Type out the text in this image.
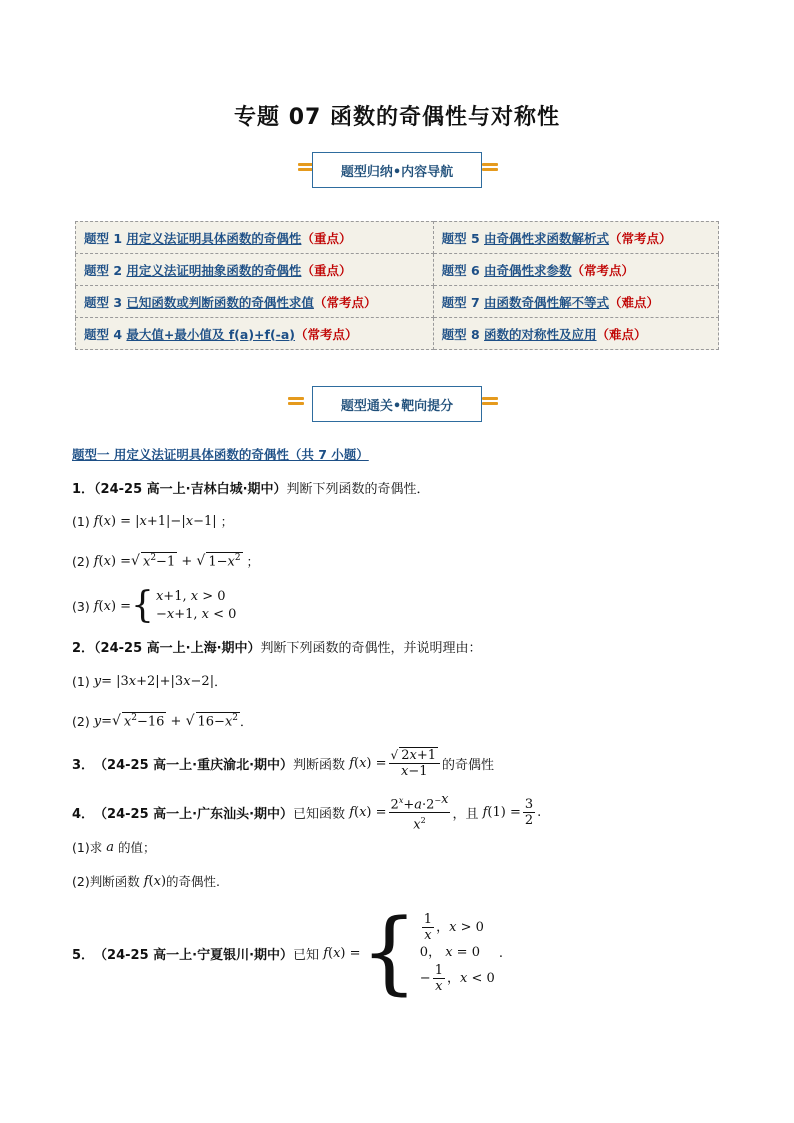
专题 07 函数的奇偶性与对称性
题型归纳•内容导航
题型 1 用定义法证明具体函数的奇偶性（重点）	题型 5 由奇偶性求函数解析式（常考点）
题型 2 用定义法证明抽象函数的奇偶性（重点）	题型 6 由奇偶性求参数（常考点）
题型 3 已知函数或判断函数的奇偶性求值（常考点）	题型 7 由函数奇偶性解不等式（难点）
题型 4 最大值+最小值及 f(a)+f(-a)（常考点）	题型 8 函数的对称性及应用（难点）
题型通关•靶向提分
题型一 用定义法证明具体函数的奇偶性（共 7 小题）
1．（24-25 高一上·吉林白城·期中）判断下列函数的奇偶性．
(1)
f ( x ) = | x +1|−| x −1| ；
(2)
f ( x ) = √ $x^2-1$ + √ $1-x^2$ ；
(3)
f ( x ) = { x+1, x > 0
−x+1, x < 0
2．（24-25 高一上·上海·期中）判断下列函数的奇偶性，并说明理由：
(1)
y = |3 x +2|+|3 x −2| ．
(2)
y = √ $x^2-16$ + √ $16-x^2$ ．
3． （24-25 高一上·重庆渝北·期中） 判断函数
f ( x ) = $\frac{√ 2x+1}{x-1}$ 的奇偶性
4． （24-25 高一上·广东汕头·期中） 已知函数
f ( x ) = $\frac{2^x+a\cdot 2^{-x}}{x^2}$ ，且
f $(1) = \frac{3}{2}$ .
(1)求
a
的值；
(2)判断函数
f ( x ) 的奇偶性.
5． （24-25 高一上·宁夏银川·期中） 已知
f ( x ) = { $\frac{1}{x}$ ， x > 0
0， x = 0
− $\frac{1}{x}$ ， x < 0

.
